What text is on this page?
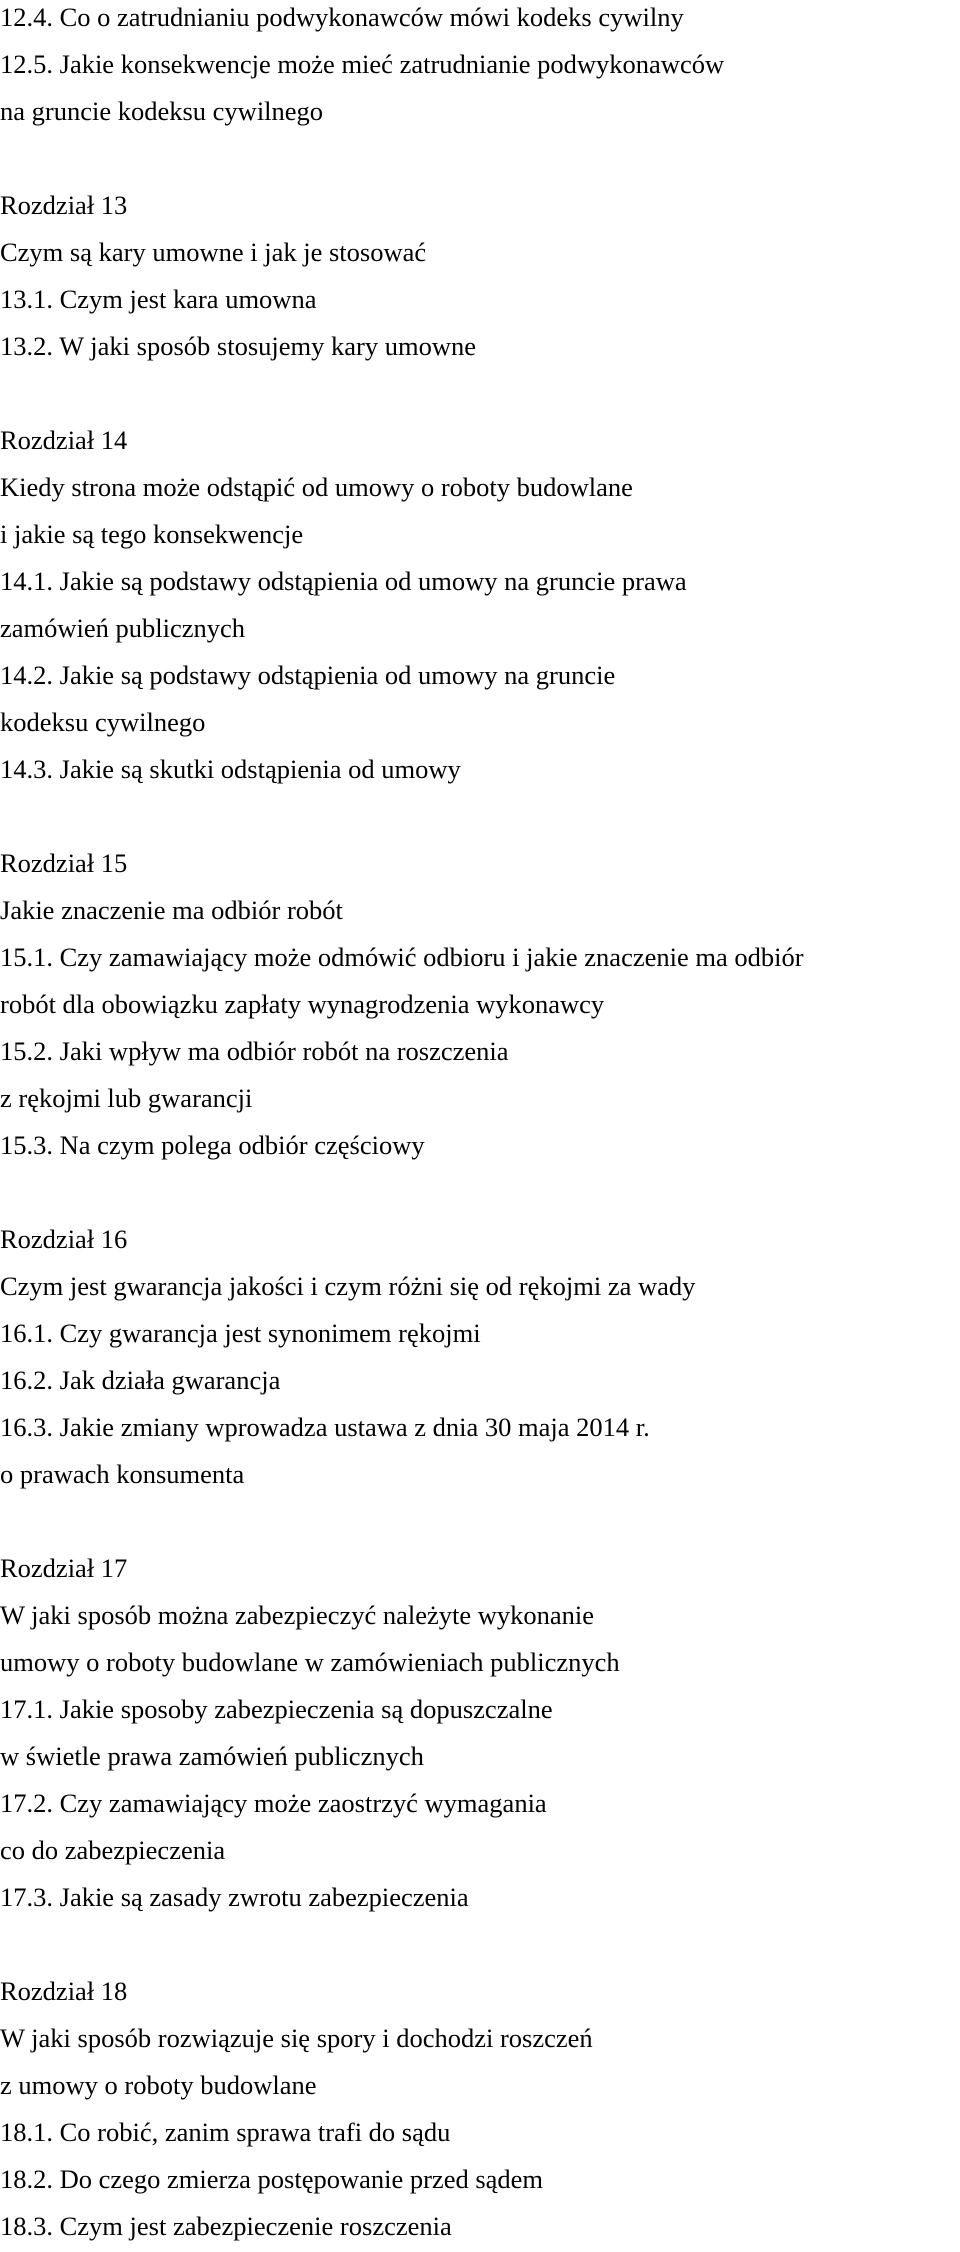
12.4. Co o zatrudnianiu podwykonawców mówi kodeks cywilny

12.5. Jakie konsekwencje może mieć zatrudnianie podwykonawców

na gruncie kodeksu cywilnego

Rozdział 13

Czym są kary umowne i jak je stosować

13.1. Czym jest kara umowna

13.2. W jaki sposób stosujemy kary umowne

Rozdział 14

Kiedy strona może odstąpić od umowy o roboty budowlane

i jakie są tego konsekwencje

14.1. Jakie są podstawy odstąpienia od umowy na gruncie prawa

zamówień publicznych

14.2. Jakie są podstawy odstąpienia od umowy na gruncie

kodeksu cywilnego

14.3. Jakie są skutki odstąpienia od umowy

Rozdział 15

Jakie znaczenie ma odbiór robót

15.1. Czy zamawiający może odmówić odbioru i jakie znaczenie ma odbiór

robót dla obowiązku zapłaty wynagrodzenia wykonawcy

15.2. Jaki wpływ ma odbiór robót na roszczenia

z rękojmi lub gwarancji

15.3. Na czym polega odbiór częściowy

Rozdział 16

Czym jest gwarancja jakości i czym różni się od rękojmi za wady

16.1. Czy gwarancja jest synonimem rękojmi

16.2. Jak działa gwarancja

16.3. Jakie zmiany wprowadza ustawa z dnia 30 maja 2014 r.

o prawach konsumenta

Rozdział 17

W jaki sposób można zabezpieczyć należyte wykonanie

umowy o roboty budowlane w zamówieniach publicznych

17.1. Jakie sposoby zabezpieczenia są dopuszczalne

w świetle prawa zamówień publicznych

17.2. Czy zamawiający może zaostrzyć wymagania

co do zabezpieczenia

17.3. Jakie są zasady zwrotu zabezpieczenia

Rozdział 18

W jaki sposób rozwiązuje się spory i dochodzi roszczeń

z umowy o roboty budowlane

18.1. Co robić, zanim sprawa trafi do sądu

18.2. Do czego zmierza postępowanie przed sądem

18.3. Czym jest zabezpieczenie roszczenia
